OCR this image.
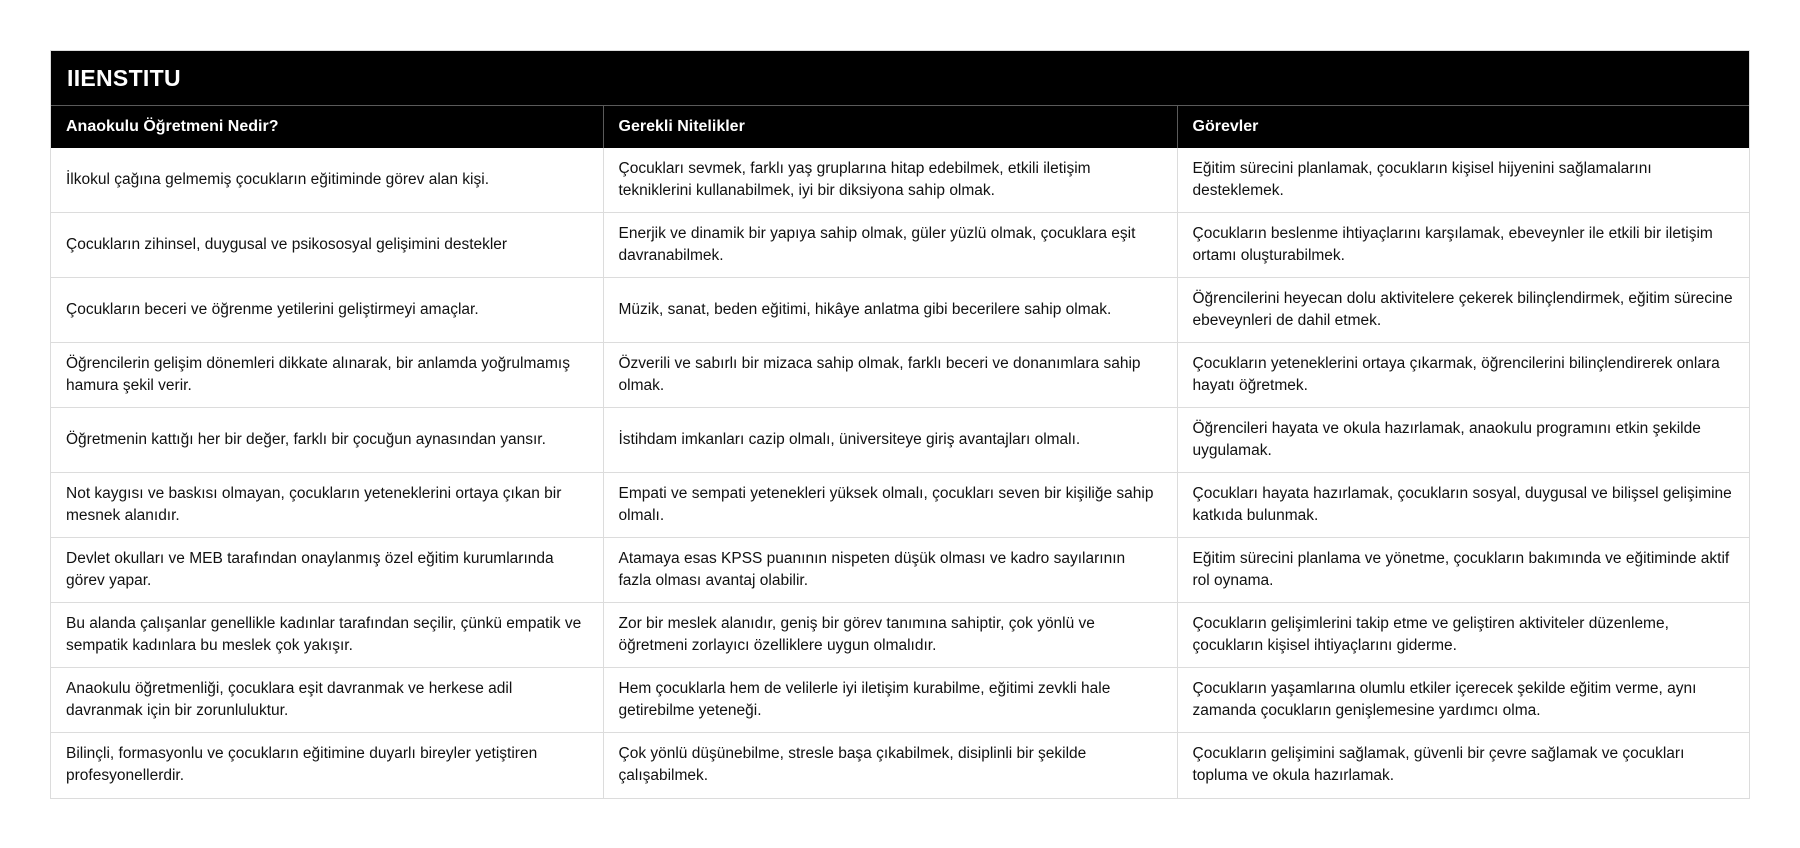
IIENSTITU
Anaokulu Öğretmeni Nedir?	Gerekli Nitelikler	Görevler
İlkokul çağına gelmemiş çocukların eğitiminde görev alan kişi.	Çocukları sevmek, farklı yaş gruplarına hitap edebilmek, etkili iletişim tekniklerini kullanabilmek, iyi bir diksiyona sahip olmak.	Eğitim sürecini planlamak, çocukların kişisel hijyenini sağlamalarını desteklemek.
Çocukların zihinsel, duygusal ve psikososyal gelişimini destekler	Enerjik ve dinamik bir yapıya sahip olmak, güler yüzlü olmak, çocuklara eşit davranabilmek.	Çocukların beslenme ihtiyaçlarını karşılamak, ebeveynler ile etkili bir iletişim ortamı oluşturabilmek.
Çocukların beceri ve öğrenme yetilerini geliştirmeyi amaçlar.	Müzik, sanat, beden eğitimi, hikâye anlatma gibi becerilere sahip olmak.	Öğrencilerini heyecan dolu aktivitelere çekerek bilinçlendirmek, eğitim sürecine ebeveynleri de dahil etmek.
Öğrencilerin gelişim dönemleri dikkate alınarak, bir anlamda yoğrulmamış hamura şekil verir.	Özverili ve sabırlı bir mizaca sahip olmak, farklı beceri ve donanımlara sahip olmak.	Çocukların yeteneklerini ortaya çıkarmak, öğrencilerini bilinçlendirerek onlara hayatı öğretmek.
Öğretmenin kattığı her bir değer, farklı bir çocuğun aynasından yansır.	İstihdam imkanları cazip olmalı, üniversiteye giriş avantajları olmalı.	Öğrencileri hayata ve okula hazırlamak, anaokulu programını etkin şekilde uygulamak.
Not kaygısı ve baskısı olmayan, çocukların yeteneklerini ortaya çıkan bir mesnek alanıdır.	Empati ve sempati yetenekleri yüksek olmalı, çocukları seven bir kişiliğe sahip olmalı.	Çocukları hayata hazırlamak, çocukların sosyal, duygusal ve bilişsel gelişimine katkıda bulunmak.
Devlet okulları ve MEB tarafından onaylanmış özel eğitim kurumlarında görev yapar.	Atamaya esas KPSS puanının nispeten düşük olması ve kadro sayılarının fazla olması avantaj olabilir.	Eğitim sürecini planlama ve yönetme, çocukların bakımında ve eğitiminde aktif rol oynama.
Bu alanda çalışanlar genellikle kadınlar tarafından seçilir, çünkü empatik ve sempatik kadınlara bu meslek çok yakışır.	Zor bir meslek alanıdır, geniş bir görev tanımına sahiptir, çok yönlü ve öğretmeni zorlayıcı özelliklere uygun olmalıdır.	Çocukların gelişimlerini takip etme ve geliştiren aktiviteler düzenleme, çocukların kişisel ihtiyaçlarını giderme.
Anaokulu öğretmenliği, çocuklara eşit davranmak ve herkese adil davranmak için bir zorunluluktur.	Hem çocuklarla hem de velilerle iyi iletişim kurabilme, eğitimi zevkli hale getirebilme yeteneği.	Çocukların yaşamlarına olumlu etkiler içerecek şekilde eğitim verme, aynı zamanda çocukların genişlemesine yardımcı olma.
Bilinçli, formasyonlu ve çocukların eğitimine duyarlı bireyler yetiştiren profesyonellerdir.	Çok yönlü düşünebilme, stresle başa çıkabilmek, disiplinli bir şekilde çalışabilmek.	Çocukların gelişimini sağlamak, güvenli bir çevre sağlamak ve çocukları topluma ve okula hazırlamak.
